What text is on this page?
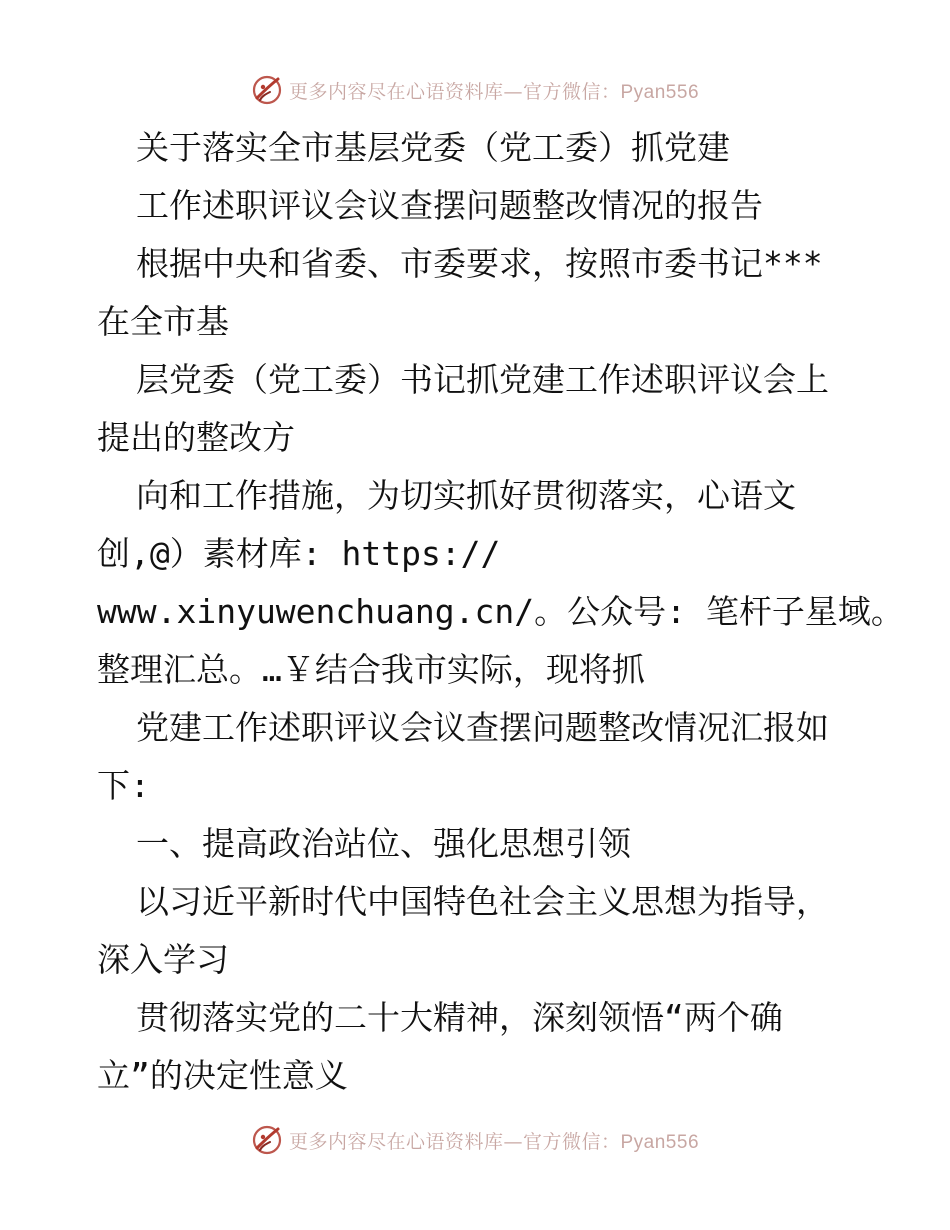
更多内容尽在心语资料库—官方微信：Pyan556
关于落实全市基层党委（党工委）抓党建
工作述职评议会议查摆问题整改情况的报告
根据中央和省委、市委要求，按照市委书记***
在全市基
层党委（党工委）书记抓党建工作述职评议会上
提出的整改方
向和工作措施，为切实抓好贯彻落实，心语文
创,@）素材库: https://
www.xinyuwenchuang.cn/。公众号: 笔杆子星域。
整理汇总。…￥结合我市实际，现将抓
党建工作述职评议会议查摆问题整改情况汇报如
下:
一、提高政治站位、强化思想引领
以习近平新时代中国特色社会主义思想为指导，
深入学习
贯彻落实党的二十大精神，深刻领悟“两个确
立”的决定性意义
更多内容尽在心语资料库—官方微信：Pyan556
